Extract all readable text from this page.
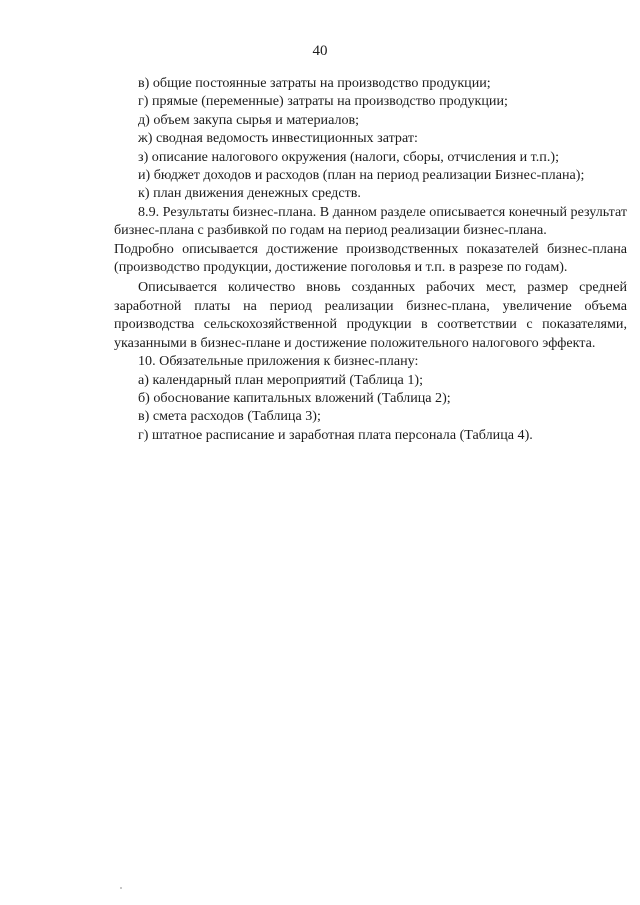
40
в) общие постоянные затраты на производство продукции;
г) прямые (переменные) затраты на производство продукции;
д) объем закупа сырья и материалов;
ж) сводная ведомость инвестиционных затрат:
з) описание налогового окружения (налоги, сборы, отчисления и т.п.);
и) бюджет доходов и расходов (план на период реализации Бизнес-плана);
к) план движения денежных средств.

8.9. Результаты бизнес-плана. В данном разделе описывается конечный результат бизнес-плана с разбивкой по годам на период реализации бизнес-плана.

Подробно описывается достижение производственных показателей бизнес-плана (производство продукции, достижение поголовья и т.п. в разрезе по годам).

Описывается количество вновь созданных рабочих мест, размер средней заработной платы на период реализации бизнес-плана, увеличение объема производства сельскохозяйственной продукции в соответствии с показателями, указанными в бизнес-плане и достижение положительного налогового эффекта.

10. Обязательные приложения к бизнес-плану:
а) календарный план мероприятий (Таблица 1);
б) обоснование капитальных вложений (Таблица 2);
в) смета расходов (Таблица 3);
г) штатное расписание и заработная плата персонала (Таблица 4).
